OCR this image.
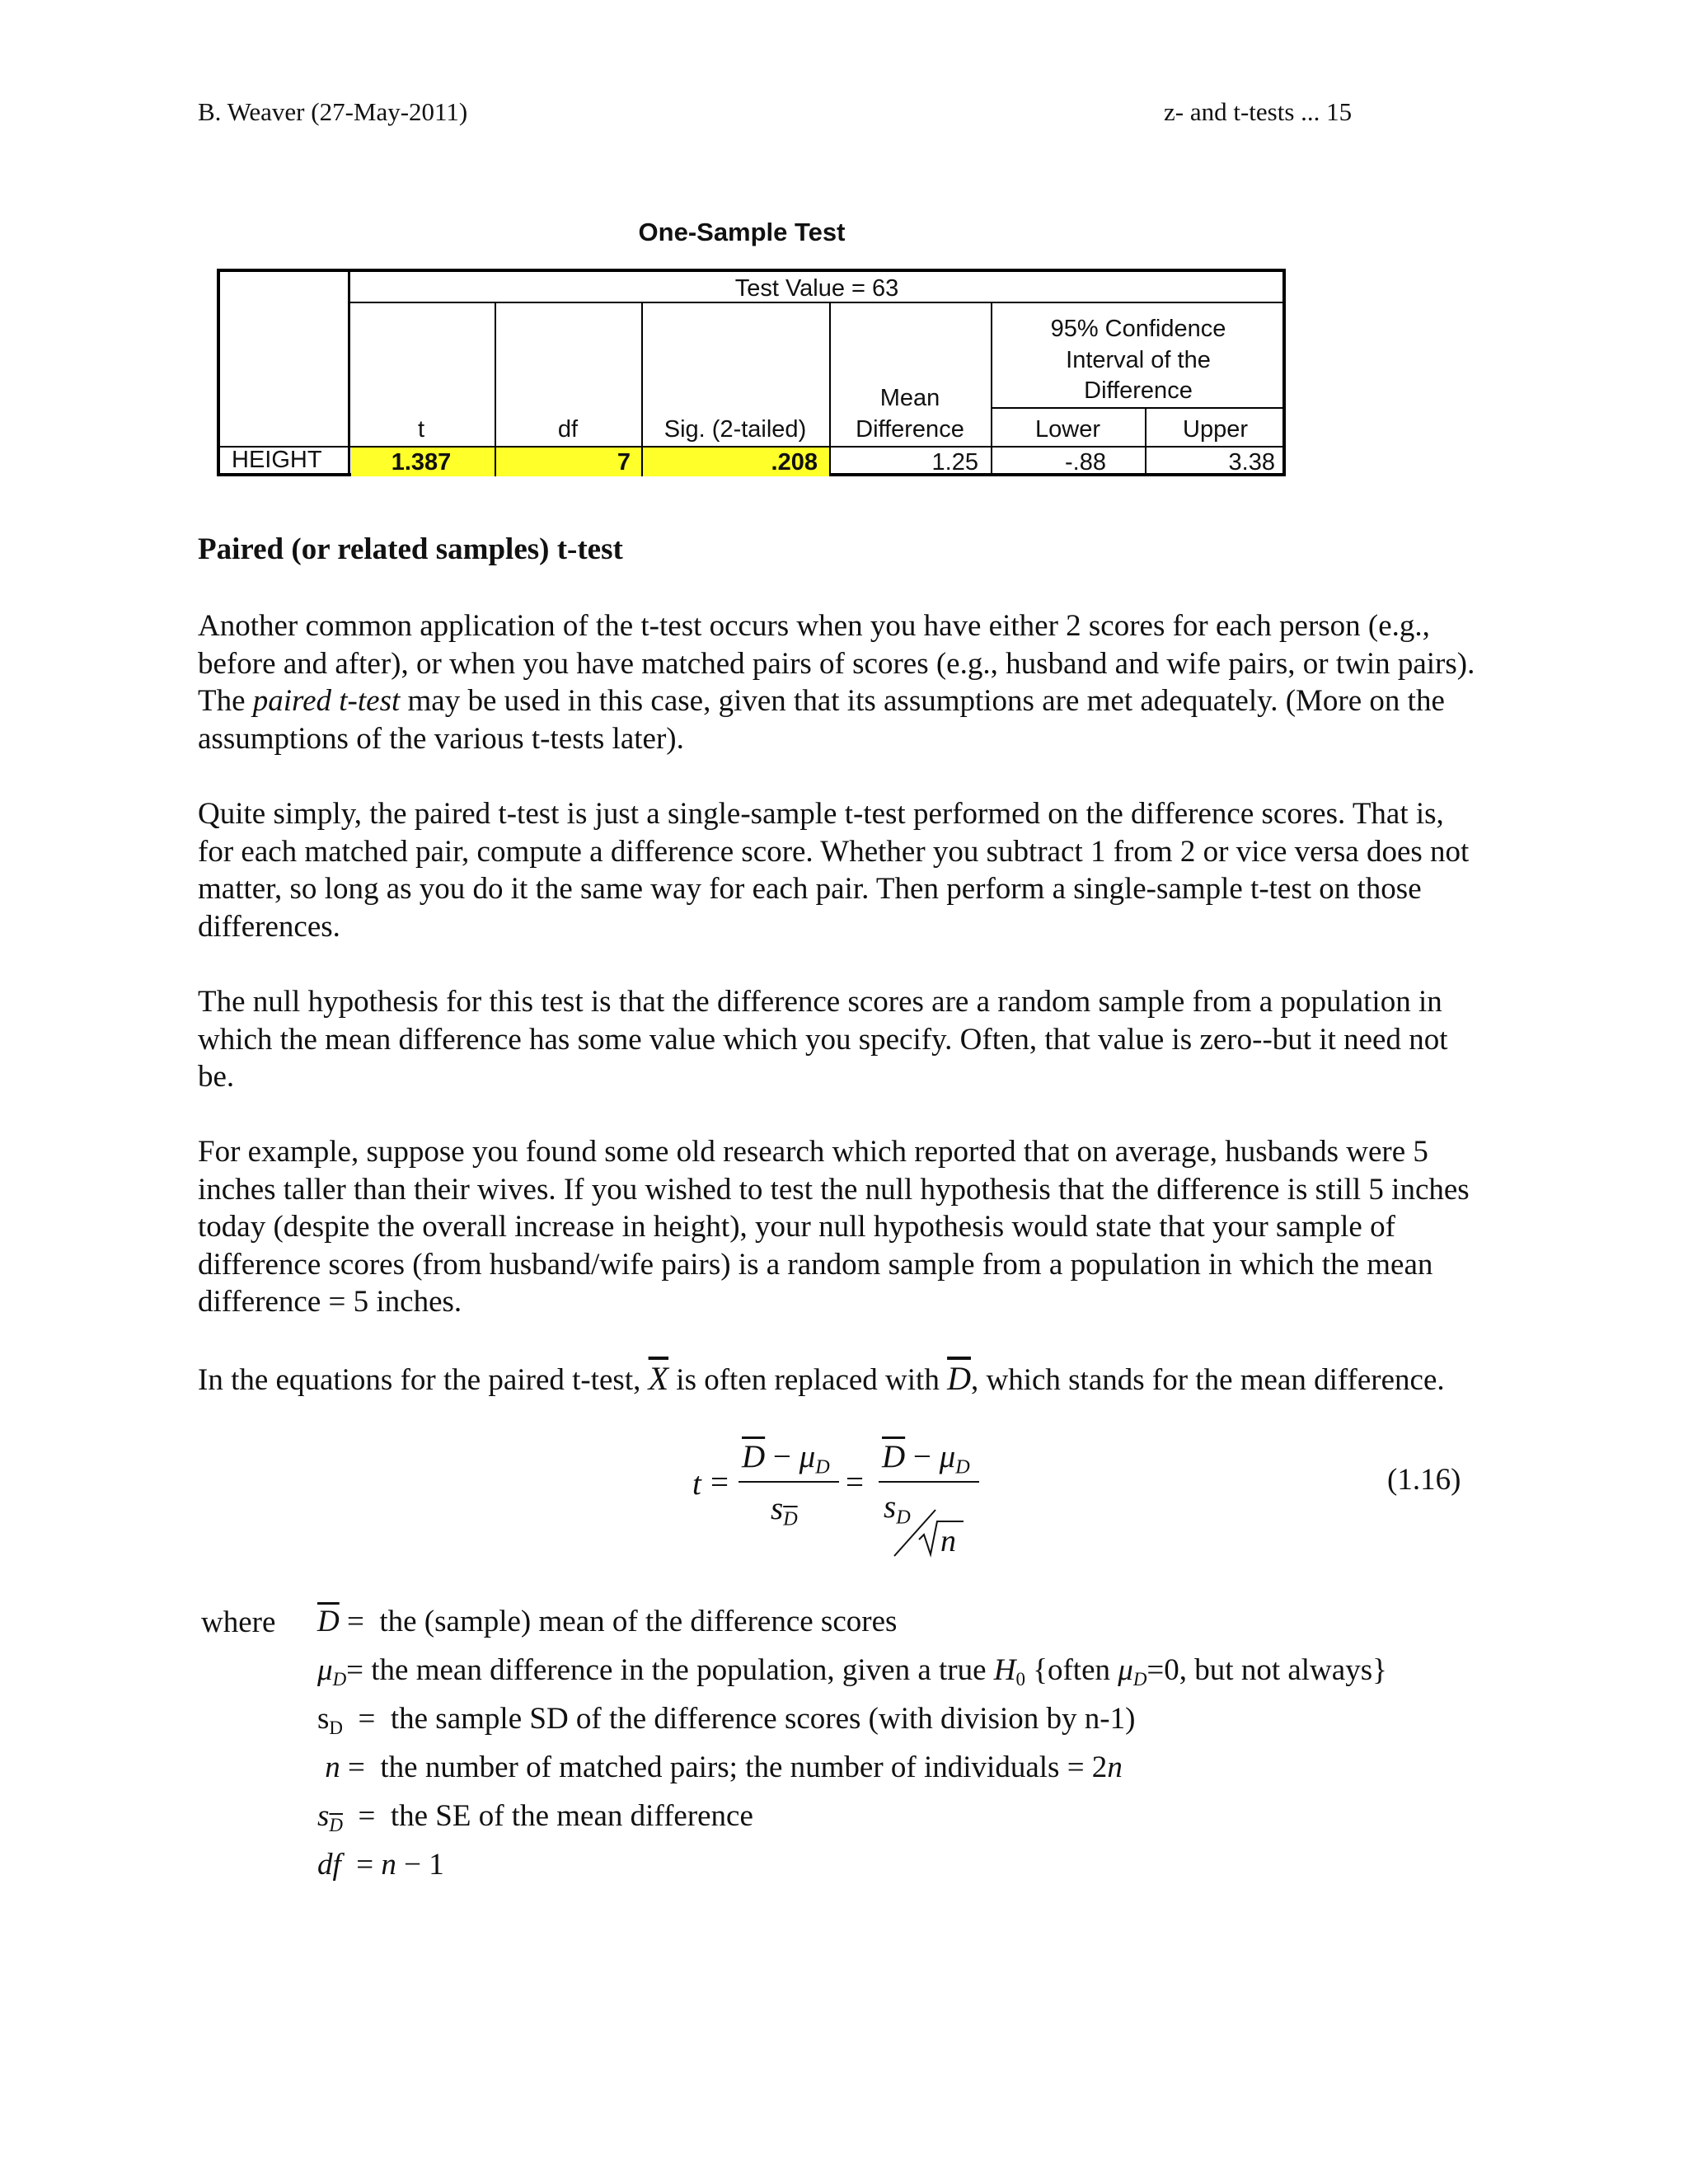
B. Weaver (27-May-2011)	z- and t-tests ... 15
One-Sample Test
Test Value = 63
t	df	Sig. (2-tailed)
Mean
Difference
95% Confidence
Interval of the
Difference
Lower	Upper
HEIGHT	1.387	7	.208	1.25	-.88	3.38
Paired (or related samples) t-test
Another common application of the t-test occurs when you have either 2 scores for each person (e.g., before and after), or when you have matched pairs of scores (e.g., husband and wife pairs, or twin pairs). The paired t-test may be used in this case, given that its assumptions are met adequately. (More on the assumptions of the various t-tests later).
Quite simply, the paired t-test is just a single-sample t-test performed on the difference scores. That is, for each matched pair, compute a difference score. Whether you subtract 1 from 2 or vice versa does not matter, so long as you do it the same way for each pair. Then perform a single-sample t-test on those differences.
The null hypothesis for this test is that the difference scores are a random sample from a population in which the mean difference has some value which you specify. Often, that value is zero--but it need not be.
For example, suppose you found some old research which reported that on average, husbands were 5 inches taller than their wives. If you wished to test the null hypothesis that the difference is still 5 inches today (despite the overall increase in height), your null hypothesis would state that your sample of difference scores (from husband/wife pairs) is a random sample from a population in which the mean difference = 5 inches.
In the equations for the paired t-test, $\overline{X}$ is often replaced with $\overline{D}$, which stands for the mean difference.
t =
$\overline{D} - \mu_D$
$s_{\overline{D}}$
=
$\overline{D} - \mu_D$
$s_D$
n
(1.16)
where $\overline{D}$ =  the (sample) mean of the difference scores
$\mu_D=$ the mean difference in the population, given a true $H_0$ {often $\mu_D=0$, but not always}
$s_D$  =  the sample SD of the difference scores (with division by n-1)
n =  the number of matched pairs; the number of individuals = 2n
$s_{\overline{D}}$  =  the SE of the mean difference
df  = n − 1
